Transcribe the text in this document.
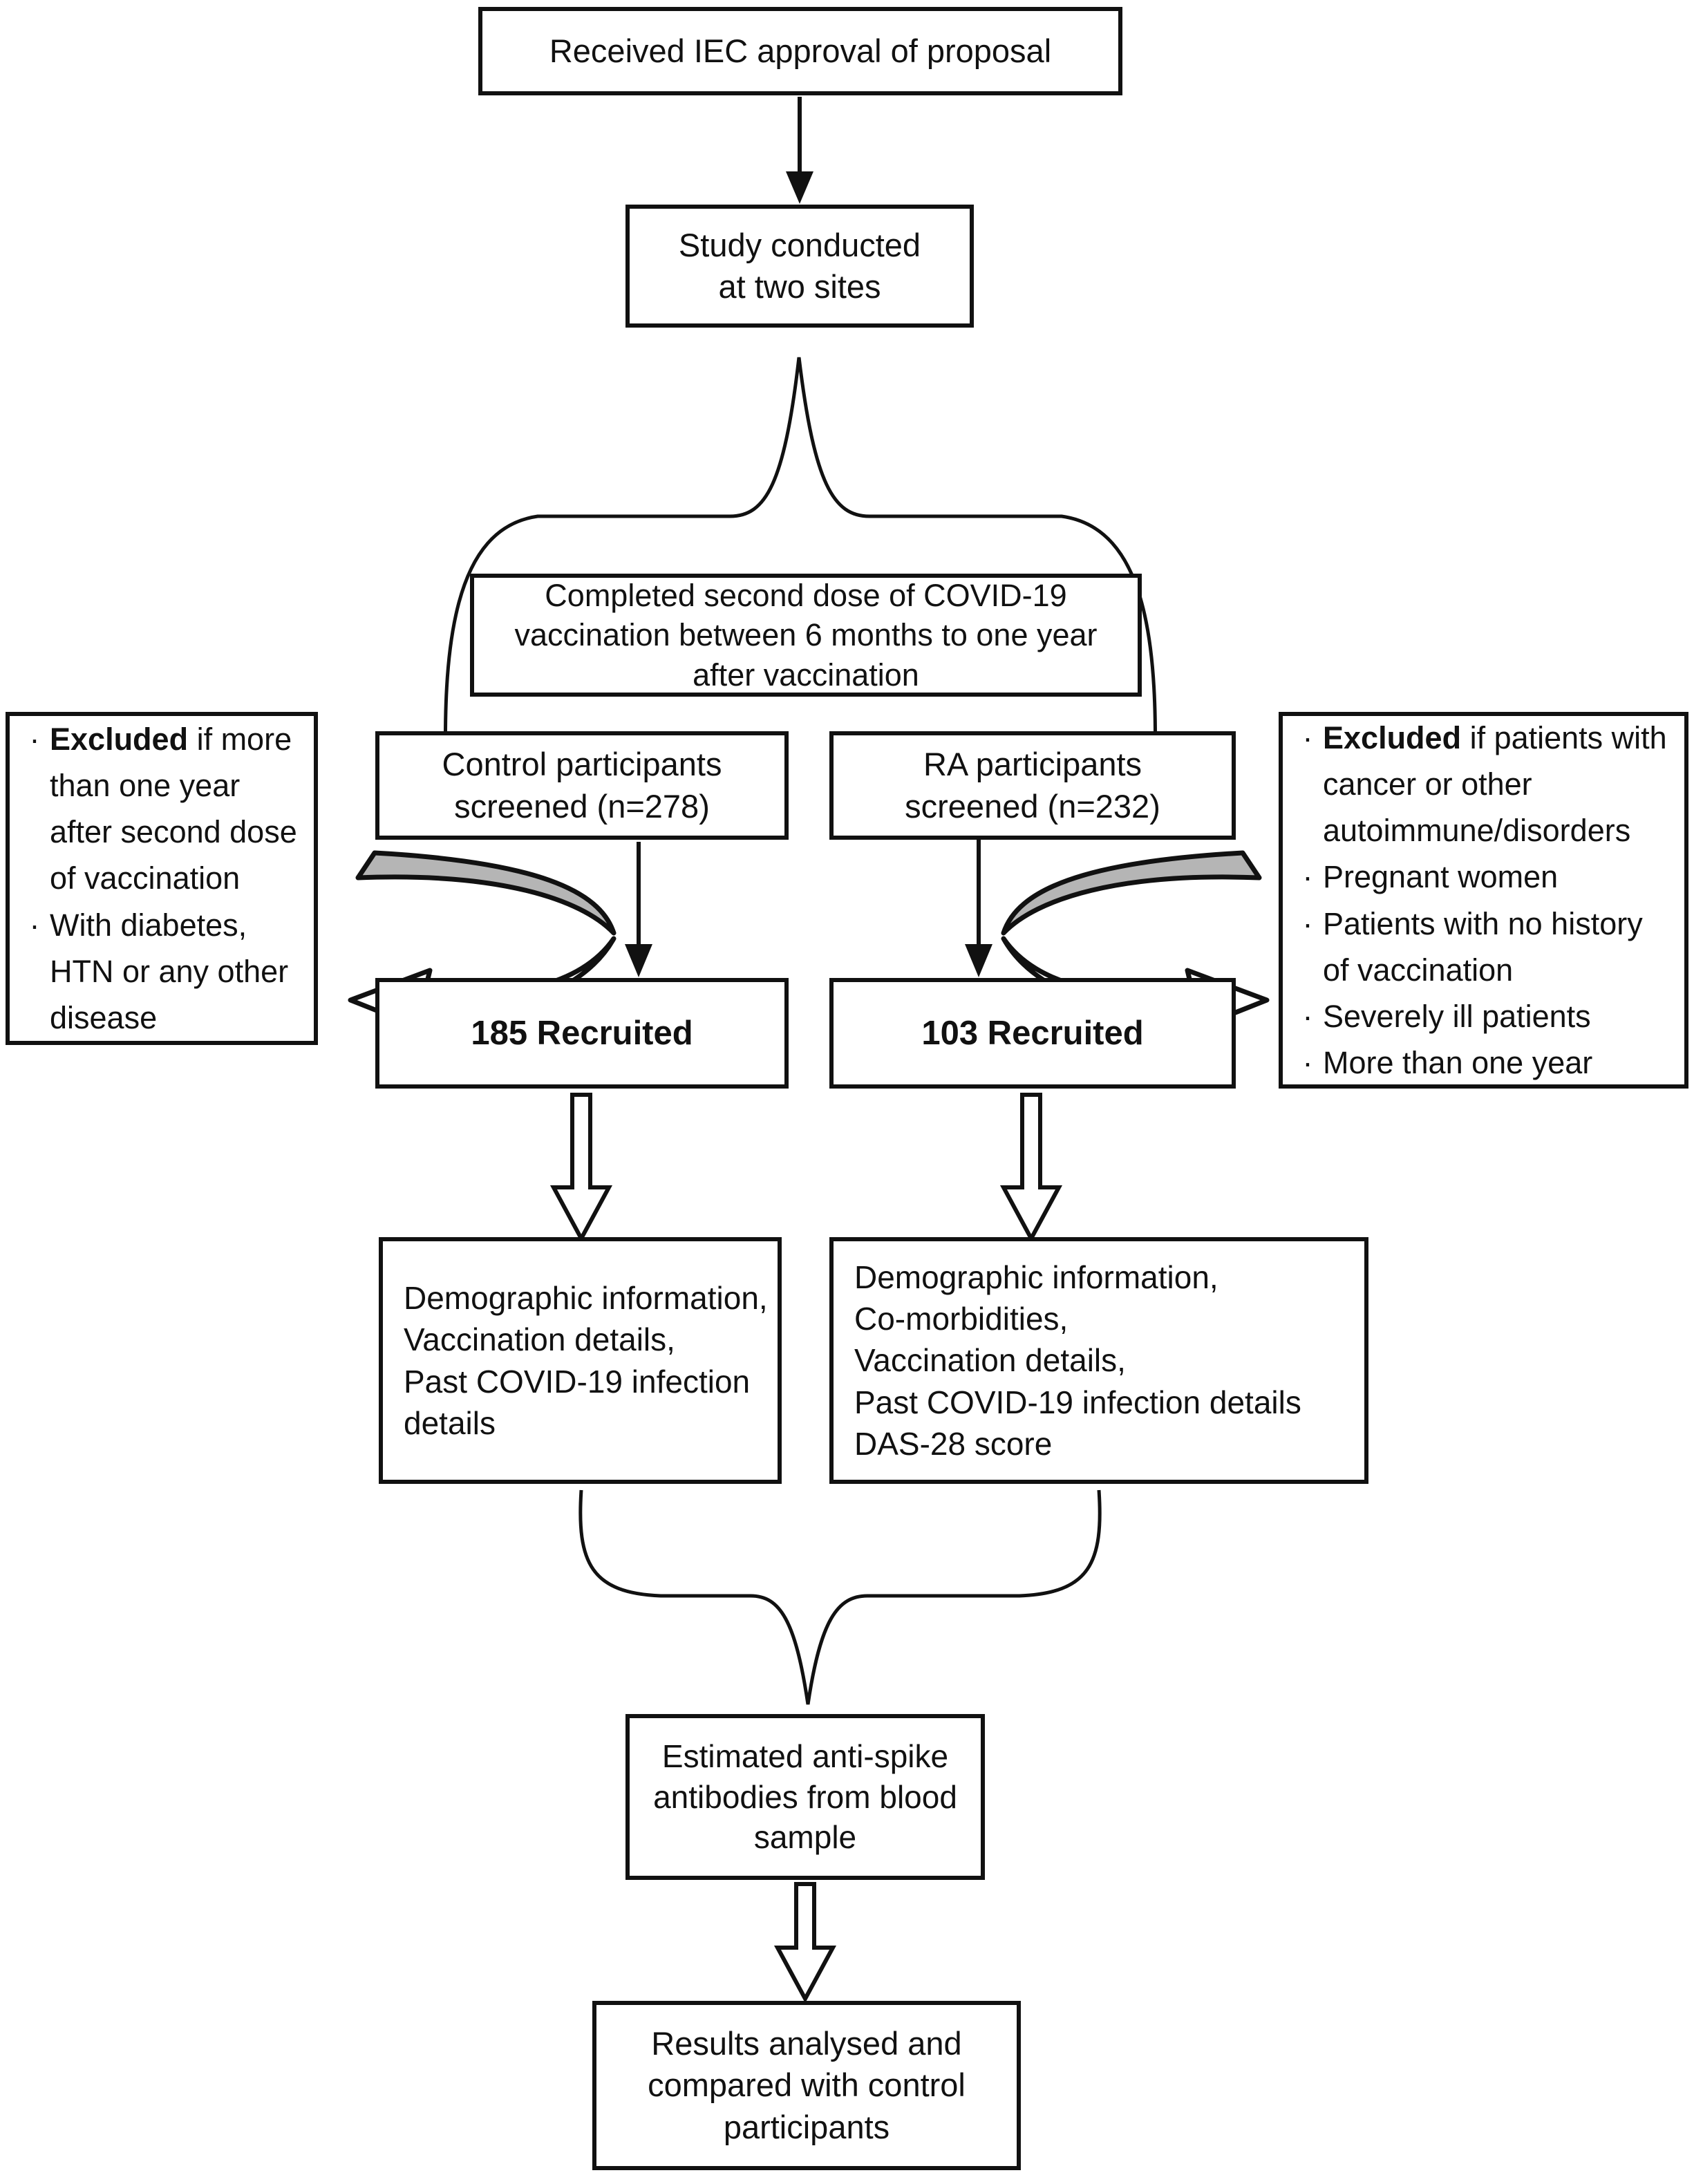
Received IEC approval of proposal
Study conducted
at two sites
Completed second dose of COVID-19
vaccination between 6 months to one year
after vaccination
Control participants
screened (n=278)
RA participants
screened (n=232)
· Excluded if more than one year after second dose of vaccination
· With diabetes, HTN or any other disease
· Excluded if patients with cancer or other autoimmune/disorders
· Pregnant women
· Patients with no history of vaccination
· Severely ill patients
· More than one year
185 Recruited	103 Recruited
Demographic information,
Vaccination details,
Past COVID-19 infection
details
Demographic information,
Co-morbidities,
Vaccination details,
Past COVID-19 infection details
DAS-28 score
Estimated anti-spike
antibodies from blood
sample
Results analysed and
compared with control
participants
